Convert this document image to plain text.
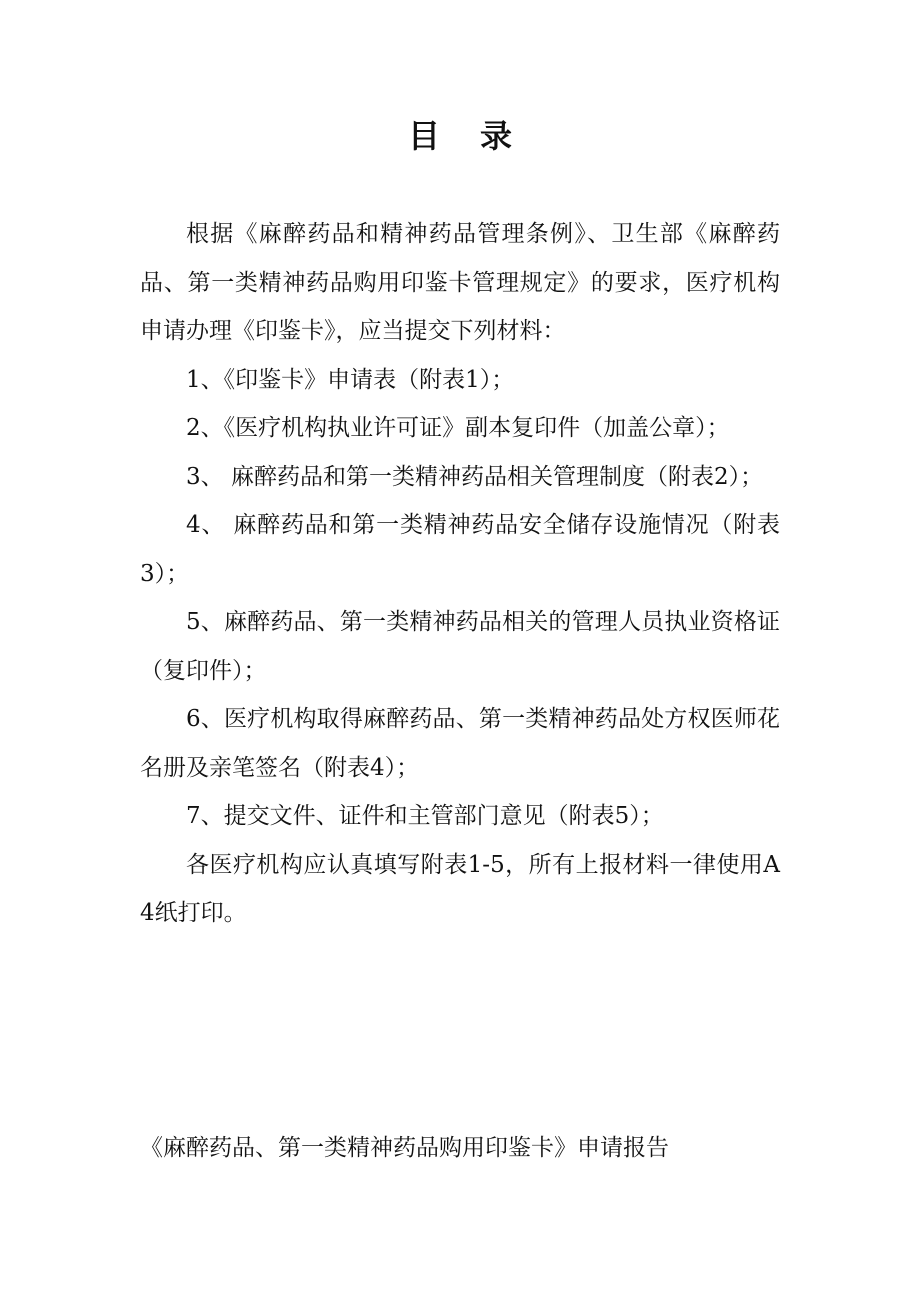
目录

根据《麻醉药品和精神药品管理条例》、卫生部《麻醉药品、第一类精神药品购用印鉴卡管理规定》的要求，医疗机构申请办理《印鉴卡》，应当提交下列材料：

1、《印鉴卡》申请表（附表1）；

2、《医疗机构执业许可证》副本复印件（加盖公章）；

3、 麻醉药品和第一类精神药品相关管理制度（附表2）；

4、 麻醉药品和第一类精神药品安全储存设施情况（附表3）；

5、麻醉药品、第一类精神药品相关的管理人员执业资格证（复印件）；

6、医疗机构取得麻醉药品、第一类精神药品处方权医师花名册及亲笔签名（附表4）；

7、提交文件、证件和主管部门意见（附表5）；

各医疗机构应认真填写附表1-5，所有上报材料一律使用A4纸打印。

《麻醉药品、第一类精神药品购用印鉴卡》申请报告
